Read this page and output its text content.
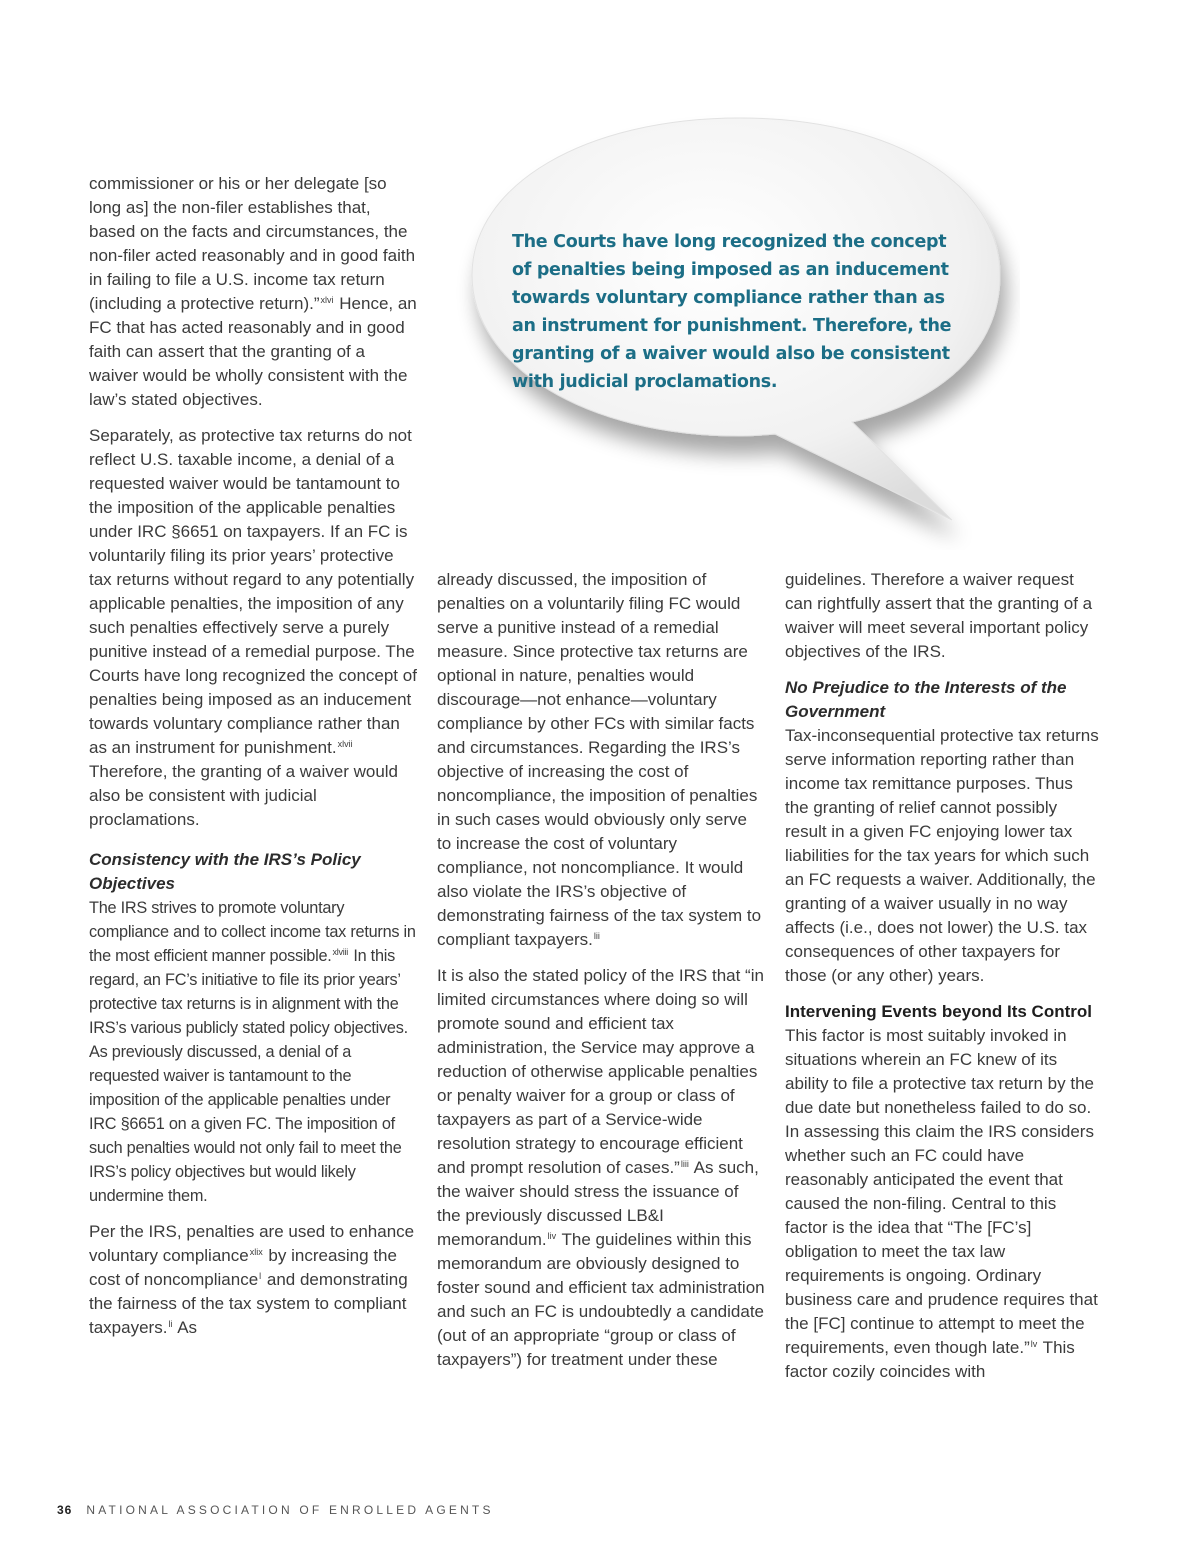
The Courts have long recognized the concept of penalties being imposed as an inducement towards voluntary compliance rather than as an instrument for punishment. Therefore, the granting of a waiver would also be consistent with judicial proclamations.

commissioner or his or her delegate [so long as] the non-filer establishes that, based on the facts and circumstances, the non-filer acted reasonably and in good faith in failing to file a U.S. income tax return (including a protective return).”$^{xlvi}$ Hence, an FC that has acted reasonably and in good faith can assert that the granting of a waiver would be wholly consistent with the law’s stated objectives.

Separately, as protective tax returns do not reflect U.S. taxable income, a denial of a requested waiver would be tantamount to the imposition of the applicable penalties under IRC §6651 on taxpayers. If an FC is voluntarily filing its prior years’ protective tax returns without regard to any potentially applicable penalties, the imposition of any such penalties effectively serve a purely punitive instead of a remedial purpose. The Courts have long recognized the concept of penalties being imposed as an inducement towards voluntary compliance rather than as an instrument for punishment.$^{xlvii}$ Therefore, the granting of a waiver would also be consistent with judicial proclamations.

Consistency with the IRS’s Policy Objectives

The IRS strives to promote voluntary compliance and to collect income tax returns in the most efficient manner possible.$^{xlviii}$ In this regard, an FC’s initiative to file its prior years’ protective tax returns is in alignment with the IRS’s various publicly stated policy objectives. As previously discussed, a denial of a requested waiver is tantamount to the imposition of the applicable penalties under IRC §6651 on a given FC. The imposition of such penalties would not only fail to meet the IRS’s policy objectives but would likely undermine them.

Per the IRS, penalties are used to enhance voluntary compliance$^{xlix}$ by increasing the cost of noncompliance$^l$ and demonstrating the fairness of the tax system to compliant taxpayers.$^{li}$ As

already discussed, the imposition of penalties on a voluntarily filing FC would serve a punitive instead of a remedial measure. Since protective tax returns are optional in nature, penalties would discourage—not enhance—voluntary compliance by other FCs with similar facts and circumstances. Regarding the IRS’s objective of increasing the cost of noncompliance, the imposition of penalties in such cases would obviously only serve to increase the cost of voluntary compliance, not noncompliance. It would also violate the IRS’s objective of demonstrating fairness of the tax system to compliant taxpayers.$^{lii}$

It is also the stated policy of the IRS that “in limited circumstances where doing so will promote sound and efficient tax administration, the Service may approve a reduction of otherwise applicable penalties or penalty waiver for a group or class of taxpayers as part of a Service-wide resolution strategy to encourage efficient and prompt resolution of cases.”$^{liii}$ As such, the waiver should stress the issuance of the previously discussed LB&I memorandum.$^{liv}$ The guidelines within this memorandum are obviously designed to foster sound and efficient tax administration and such an FC is undoubtedly a candidate (out of an appropriate “group or class of taxpayers”) for treatment under these

guidelines. Therefore a waiver request can rightfully assert that the granting of a waiver will meet several important policy objectives of the IRS.

No Prejudice to the Interests of the Government

Tax-inconsequential protective tax returns serve information reporting rather than income tax remittance purposes. Thus the granting of relief cannot possibly result in a given FC enjoying lower tax liabilities for the tax years for which such an FC requests a waiver. Additionally, the granting of a waiver usually in no way affects (i.e., does not lower) the U.S. tax consequences of other taxpayers for those (or any other) years.

Intervening Events beyond Its Control

This factor is most suitably invoked in situations wherein an FC knew of its ability to file a protective tax return by the due date but nonetheless failed to do so. In assessing this claim the IRS considers whether such an FC could have reasonably anticipated the event that caused the non-filing. Central to this factor is the idea that “The [FC’s] obligation to meet the tax law requirements is ongoing. Ordinary business care and prudence requires that the [FC] continue to attempt to meet the requirements, even though late.”$^{lv}$ This factor cozily coincides with

36 NATIONAL ASSOCIATION OF ENROLLED AGENTS
